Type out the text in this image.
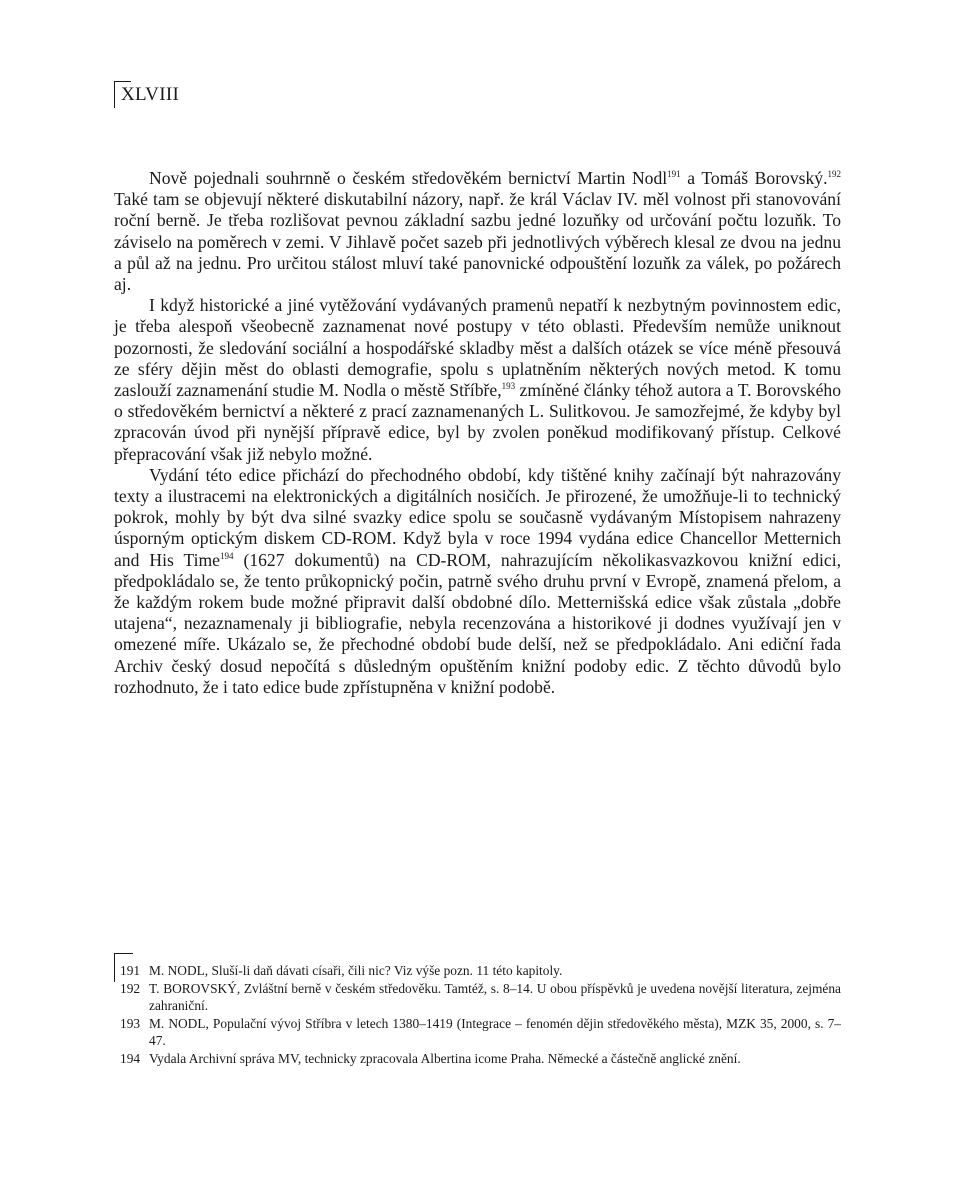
XLVIII

Nově pojednali souhrnně o českém středověkém bernictví Martin Nodl$^{191}$ a Tomáš Borovský.$^{192}$ Také tam se objevují některé diskutabilní názory, např. že král Václav IV. měl volnost při stanovování roční berně. Je třeba rozlišovat pevnou základní sazbu jedné lozuňky od určování počtu lozuňk. To záviselo na poměrech v zemi. V Jihlavě počet sazeb při jednotlivých výběrech klesal ze dvou na jednu a půl až na jednu. Pro určitou stálost mluví také panovnické odpouštění lozuňk za válek, po požárech aj.

I když historické a jiné vytěžování vydávaných pramenů nepatří k nezbytným povinnostem edic, je třeba alespoň všeobecně zaznamenat nové postupy v této oblasti. Především nemůže uniknout pozornosti, že sledování sociální a hospodářské skladby měst a dalších otázek se více méně přesouvá ze sféry dějin měst do oblasti demografie, spolu s uplatněním některých nových metod. K tomu zaslouží zaznamenání studie M. Nodla o městě Stříbře,$^{193}$ zmíněné články téhož autora a T. Borovského o středověkém bernictví a některé z prací zaznamenaných L. Sulitkovou. Je samozřejmé, že kdyby byl zpracován úvod při nynější přípravě edice, byl by zvolen poněkud modifikovaný přístup. Celkové přepracování však již nebylo možné.

Vydání této edice přichází do přechodného období, kdy tištěné knihy začínají být nahrazovány texty a ilustracemi na elektronických a digitálních nosičích. Je přirozené, že umožňuje-li to technický pokrok, mohly by být dva silné svazky edice spolu se současně vydávaným Místopisem nahrazeny úsporným optickým diskem CD-ROM. Když byla v roce 1994 vydána edice Chancellor Metternich and His Time$^{194}$ (1627 dokumentů) na CD-ROM, nahrazujícím několikasvazkovou knižní edici, předpokládalo se, že tento průkopnický počin, patrně svého druhu první v Evropě, znamená přelom, a že každým rokem bude možné připravit další obdobné dílo. Metternišská edice však zůstala „dobře utajena“, nezaznamenaly ji bibliografie, nebyla recenzována a historikové ji dodnes využívají jen v omezené míře. Ukázalo se, že přechodné období bude delší, než se předpokládalo. Ani ediční řada Archiv český dosud nepočítá s důsledným opuštěním knižní podoby edic. Z těchto důvodů bylo rozhodnuto, že i tato edice bude zpřístupněna v knižní podobě.

191 M. NODL, Sluší-li daň dávati císaři, čili nic? Viz výše pozn. 11 této kapitoly.
192 T. BOROVSKÝ, Zvláštní berně v českém středověku. Tamtéž, s. 8–14. U obou příspěvků je uvedena novější literatura, zejména zahraniční.
193 M. NODL, Populační vývoj Stříbra v letech 1380–1419 (Integrace – fenomén dějin středověkého města), MZK 35, 2000, s. 7–47.
194 Vydala Archivní správa MV, technicky zpracovala Albertina icome Praha. Německé a částečně anglické znění.
